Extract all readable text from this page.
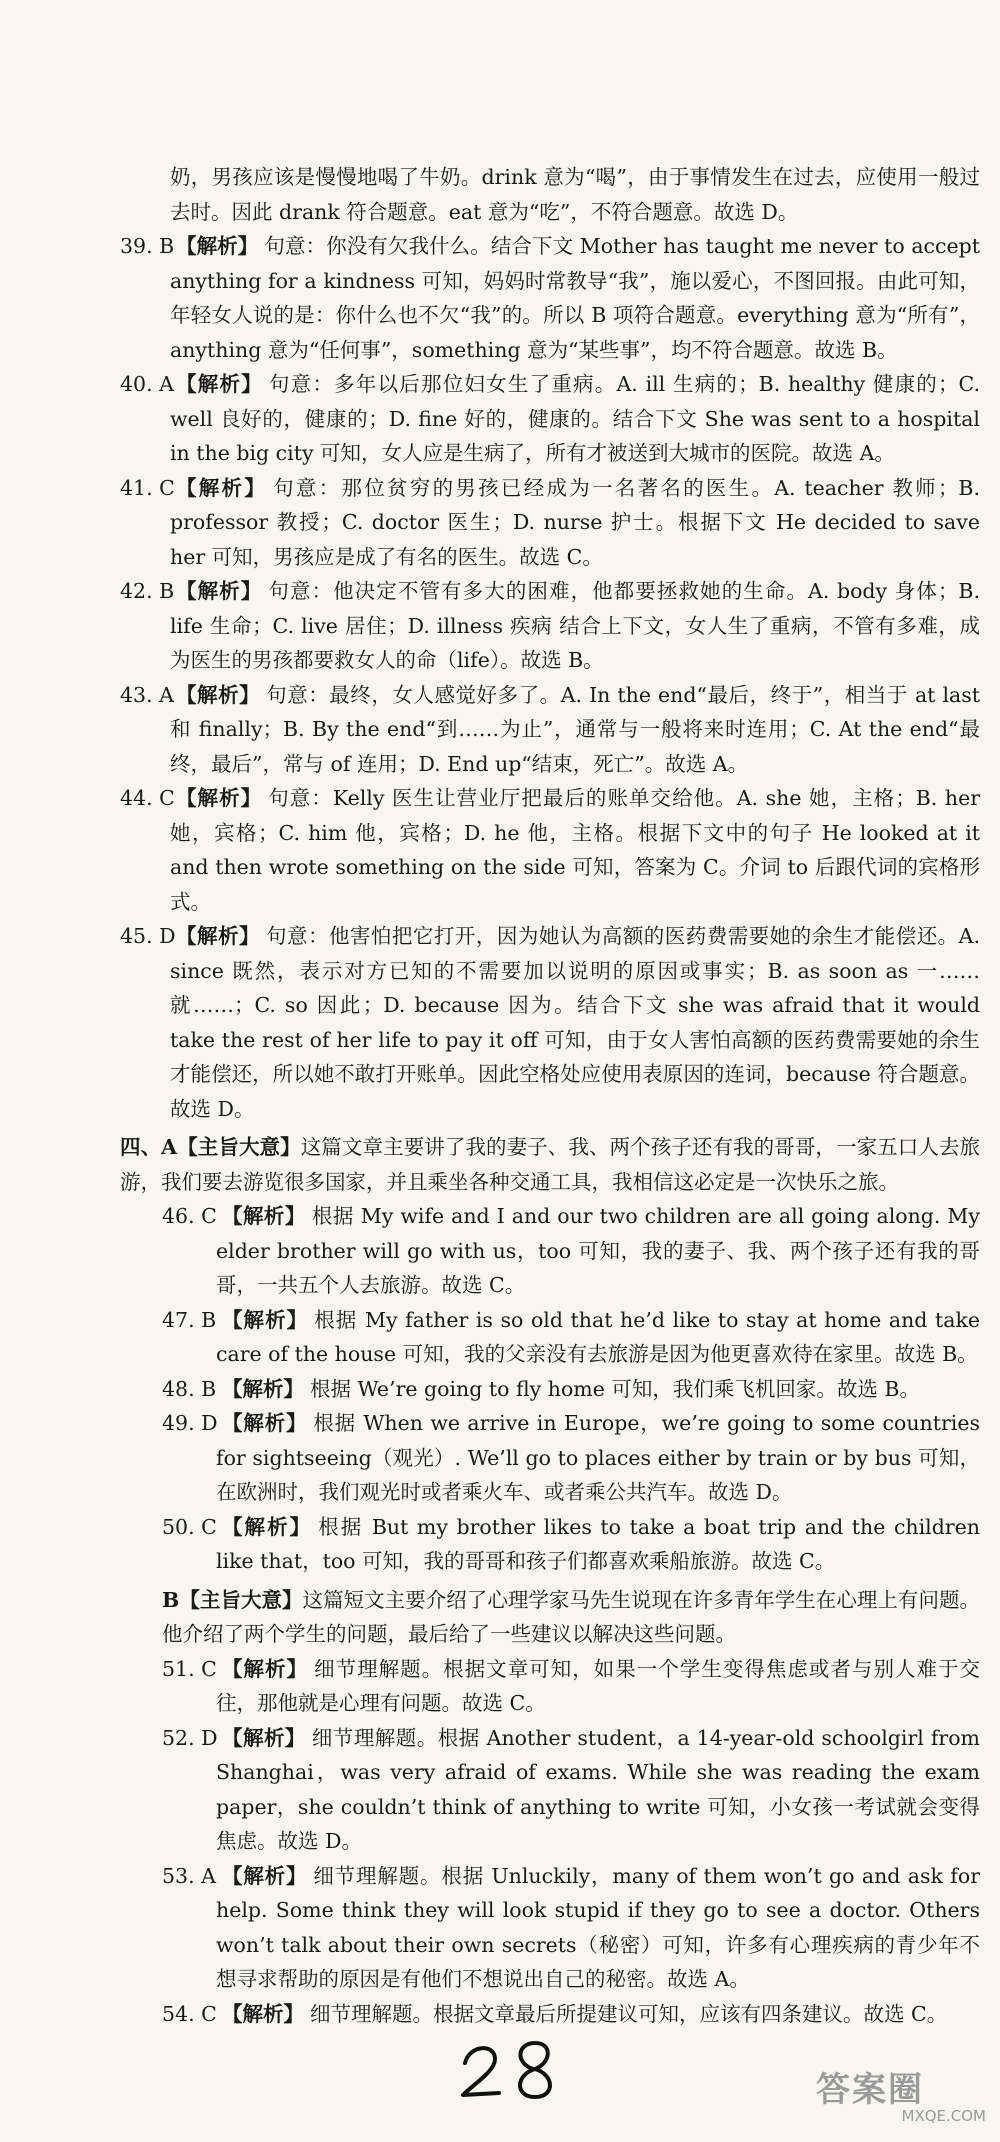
奶，男孩应该是慢慢地喝了牛奶。drink 意为“喝”，由于事情发生在过去，应使用一般过去时。因此 drank 符合题意。eat 意为“吃”，不符合题意。故选 D。

39. B 【解析】 句意：你没有欠我什么。结合下文 Mother has taught me never to accept anything for a kindness 可知，妈妈时常教导“我”，施以爱心，不图回报。由此可知，年轻女人说的是：你什么也不欠“我”的。所以 B 项符合题意。everything 意为“所有”，anything 意为“任何事”，something 意为“某些事”，均不符合题意。故选 B。

40. A 【解析】 句意：多年以后那位妇女生了重病。A. ill 生病的；B. healthy 健康的；C. well 良好的，健康的；D. fine 好的，健康的。结合下文 She was sent to a hospital in the big city 可知，女人应是生病了，所有才被送到大城市的医院。故选 A。

41. C 【解析】 句意：那位贫穷的男孩已经成为一名著名的医生。A. teacher 教师；B. professor 教授；C. doctor 医生；D. nurse 护士。根据下文 He decided to save her 可知，男孩应是成了有名的医生。故选 C。

42. B 【解析】 句意：他决定不管有多大的困难，他都要拯救她的生命。A. body 身体；B. life 生命；C. live 居住；D. illness 疾病 结合上下文，女人生了重病，不管有多难，成为医生的男孩都要救女人的命（life）。故选 B。

43. A 【解析】 句意：最终，女人感觉好多了。A. In the end“最后，终于”，相当于 at last 和 finally；B. By the end“到……为止”，通常与一般将来时连用；C. At the end“最终，最后”，常与 of 连用；D. End up“结束，死亡”。故选 A。

44. C 【解析】 句意：Kelly 医生让营业厅把最后的账单交给他。A. she 她，主格；B. her 她，宾格；C. him 他，宾格；D. he 他，主格。根据下文中的句子 He looked at it and then wrote something on the side 可知，答案为 C。介词 to 后跟代词的宾格形式。

45. D 【解析】 句意：他害怕把它打开，因为她认为高额的医药费需要她的余生才能偿还。A. since 既然，表示对方已知的不需要加以说明的原因或事实；B. as soon as 一……就……；C. so 因此；D. because 因为。结合下文 she was afraid that it would take the rest of her life to pay it off 可知，由于女人害怕高额的医药费需要她的余生才能偿还，所以她不敢打开账单。因此空格处应使用表原因的连词，because 符合题意。故选 D。

四、A【主旨大意】这篇文章主要讲了我的妻子、我、两个孩子还有我的哥哥，一家五口人去旅游，我们要去游览很多国家，并且乘坐各种交通工具，我相信这必定是一次快乐之旅。

46. C 【解析】 根据 My wife and I and our two children are all going along. My elder brother will go with us，too 可知，我的妻子、我、两个孩子还有我的哥哥，一共五个人去旅游。故选 C。

47. B 【解析】 根据 My father is so old that he’d like to stay at home and take care of the house 可知，我的父亲没有去旅游是因为他更喜欢待在家里。故选 B。

48. B 【解析】 根据 We’re going to fly home 可知，我们乘飞机回家。故选 B。

49. D 【解析】 根据 When we arrive in Europe，we’re going to some countries for sightseeing（观光）. We’ll go to places either by train or by bus 可知，在欧洲时，我们观光时或者乘火车、或者乘公共汽车。故选 D。

50. C 【解析】 根据 But my brother likes to take a boat trip and the children like that，too 可知，我的哥哥和孩子们都喜欢乘船旅游。故选 C。

B【主旨大意】这篇短文主要介绍了心理学家马先生说现在许多青年学生在心理上有问题。他介绍了两个学生的问题，最后给了一些建议以解决这些问题。

51. C 【解析】 细节理解题。根据文章可知，如果一个学生变得焦虑或者与别人难于交往，那他就是心理有问题。故选 C。

52. D 【解析】 细节理解题。根据 Another student，a 14-year-old schoolgirl from Shanghai，was very afraid of exams. While she was reading the exam paper，she couldn’t think of anything to write 可知，小女孩一考试就会变得焦虑。故选 D。

53. A 【解析】 细节理解题。根据 Unluckily，many of them won’t go and ask for help. Some think they will look stupid if they go to see a doctor. Others won’t talk about their own secrets（秘密）可知，许多有心理疾病的青少年不想寻求帮助的原因是有他们不想说出自己的秘密。故选 A。

54. C 【解析】 细节理解题。根据文章最后所提建议可知，应该有四条建议。故选 C。

答案圈
MXQE.COM
